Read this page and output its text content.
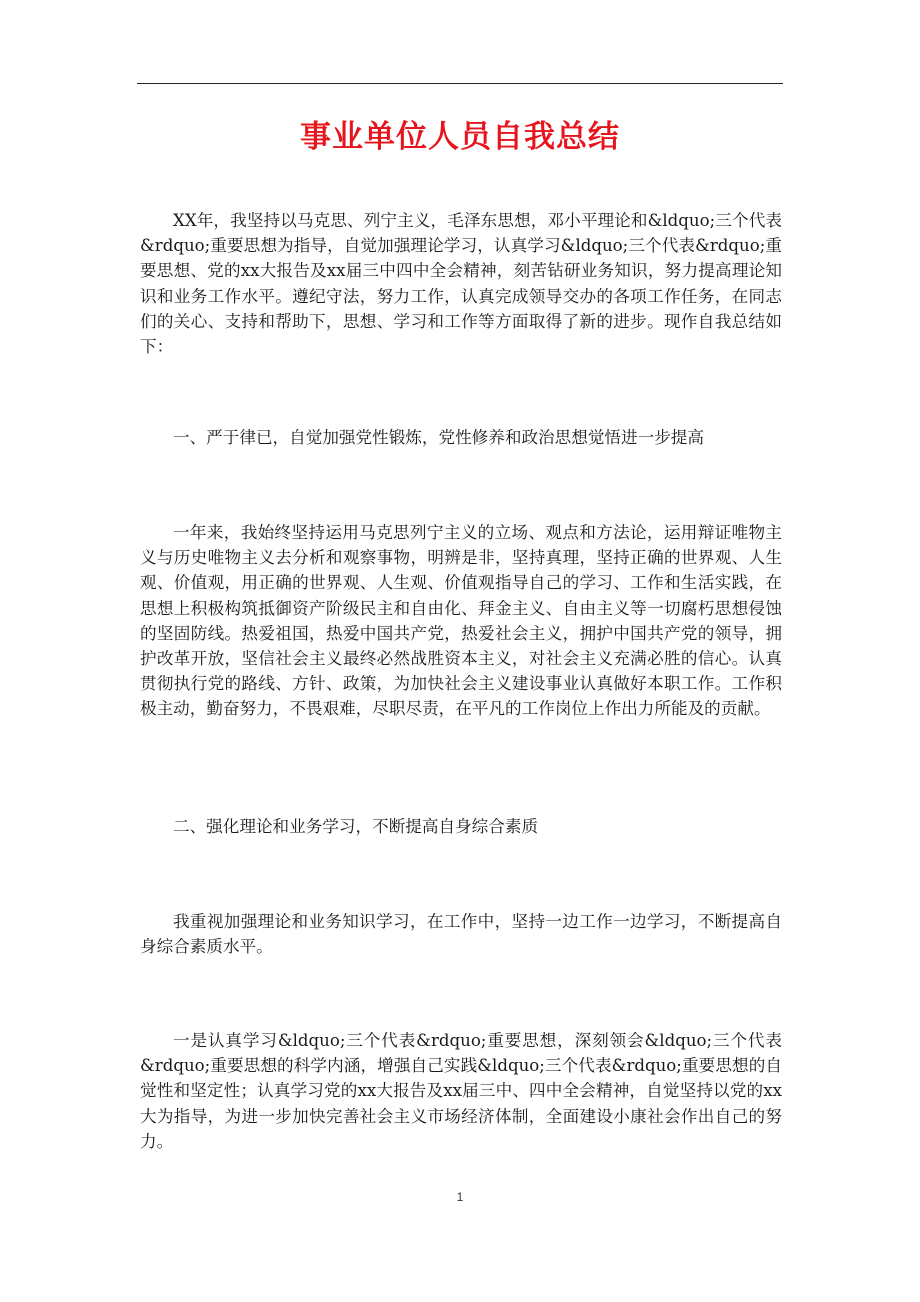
事业单位人员自我总结

XX年，我坚持以马克思、列宁主义，毛泽东思想，邓小平理论和&ldquo;三个代表&rdquo;重要思想为指导，自觉加强理论学习，认真学习&ldquo;三个代表&rdquo;重要思想、党的xx大报告及xx届三中四中全会精神，刻苦钻研业务知识，努力提高理论知识和业务工作水平。遵纪守法，努力工作，认真完成领导交办的各项工作任务，在同志们的关心、支持和帮助下，思想、学习和工作等方面取得了新的进步。现作自我总结如下：

一、严于律已，自觉加强党性锻炼，党性修养和政治思想觉悟进一步提高

一年来，我始终坚持运用马克思列宁主义的立场、观点和方法论，运用辩证唯物主义与历史唯物主义去分析和观察事物，明辨是非，坚持真理，坚持正确的世界观、人生观、价值观，用正确的世界观、人生观、价值观指导自己的学习、工作和生活实践，在思想上积极构筑抵御资产阶级民主和自由化、拜金主义、自由主义等一切腐朽思想侵蚀的坚固防线。热爱祖国，热爱中国共产党，热爱社会主义，拥护中国共产党的领导，拥护改革开放，坚信社会主义最终必然战胜资本主义，对社会主义充满必胜的信心。认真贯彻执行党的路线、方针、政策，为加快社会主义建设事业认真做好本职工作。工作积极主动，勤奋努力，不畏艰难，尽职尽责，在平凡的工作岗位上作出力所能及的贡献。

二、强化理论和业务学习，不断提高自身综合素质

我重视加强理论和业务知识学习，在工作中，坚持一边工作一边学习，不断提高自身综合素质水平。

一是认真学习&ldquo;三个代表&rdquo;重要思想，深刻领会&ldquo;三个代表&rdquo;重要思想的科学内涵，增强自己实践&ldquo;三个代表&rdquo;重要思想的自觉性和坚定性；认真学习党的xx大报告及xx届三中、四中全会精神，自觉坚持以党的xx大为指导，为进一步加快完善社会主义市场经济体制，全面建设小康社会作出自己的努力。

1
